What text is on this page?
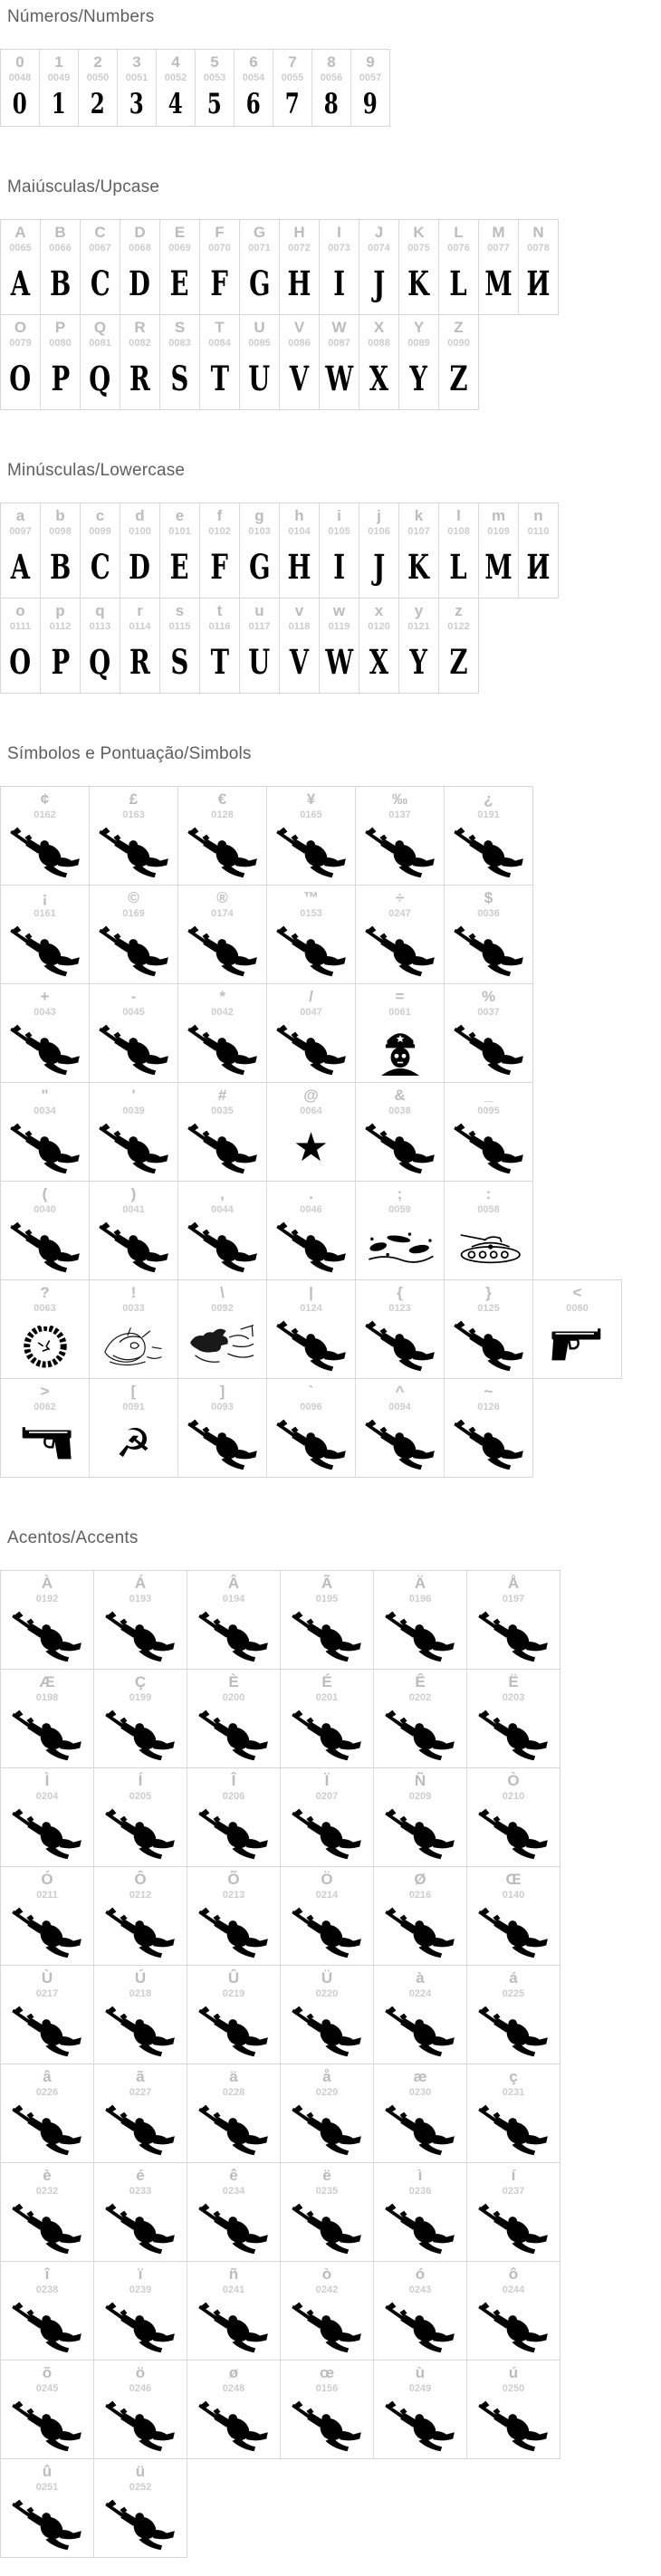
Números/Numbers
0
0048
0
1
0049
1
2
0050
2
3
0051
3
4
0052
4
5
0053
5
6
0054
6
7
0055
7
8
0056
8
9
0057
9
Maiúsculas/Upcase
A
0065
A
B
0066
B
C
0067
C
D
0068
D
E
0069
E
F
0070
F
G
0071
G
H
0072
H
I
0073
I
J
0074
J
K
0075
K
L
0076
L
M
0077
M
N
0078
И
O
0079
O
P
0080
P
Q
0081
Q
R
0082
R
S
0083
S
T
0084
T
U
0085
U
V
0086
V
W
0087
W
X
0088
X
Y
0089
Y
Z
0090
Z
Minúsculas/Lowercase
a
0097
A
b
0098
B
c
0099
C
d
0100
D
e
0101
E
f
0102
F
g
0103
G
h
0104
H
i
0105
I
j
0106
J
k
0107
K
l
0108
L
m
0109
M
n
0110
И
o
0111
O
p
0112
P
q
0113
Q
r
0114
R
s
0115
S
t
0116
T
u
0117
U
v
0118
V
w
0119
W
x
0120
X
y
0121
Y
z
0122
Z
Símbolos e Pontuação/Simbols
¢
0162
£
0163
€
0128
¥
0165
‰
0137
¿
0191
¡
0161
©
0169
®
0174
™
0153
÷
0247
$
0036
+
0043
-
0045
*
0042
/
0047
=
0061
%
0037
"
0034
'
0039
#
0035
@
0064
★
&
0038
_
0095
(
0040
)
0041
,
0044
.
0046
;
0059
:
0058
?
0063
!
0033
\
0092
|
0124
{
0123
}
0125
<
0060
>
0062
[
0091
☭
]
0093
`
0096
^
0094
~
0126
Acentos/Accents
À
0192
Á
0193
Â
0194
Ã
0195
Ä
0196
Å
0197
Æ
0198
Ç
0199
È
0200
É
0201
Ê
0202
Ë
0203
Ì
0204
Í
0205
Î
0206
Ï
0207
Ñ
0209
Ò
0210
Ó
0211
Ô
0212
Õ
0213
Ö
0214
Ø
0216
Œ
0140
Ù
0217
Ú
0218
Û
0219
Ü
0220
à
0224
á
0225
â
0226
ã
0227
ä
0228
å
0229
æ
0230
ç
0231
è
0232
é
0233
ê
0234
ë
0235
ì
0236
í
0237
î
0238
ï
0239
ñ
0241
ò
0242
ó
0243
ô
0244
õ
0245
ö
0246
ø
0248
œ
0156
ù
0249
ú
0250
û
0251
ü
0252
